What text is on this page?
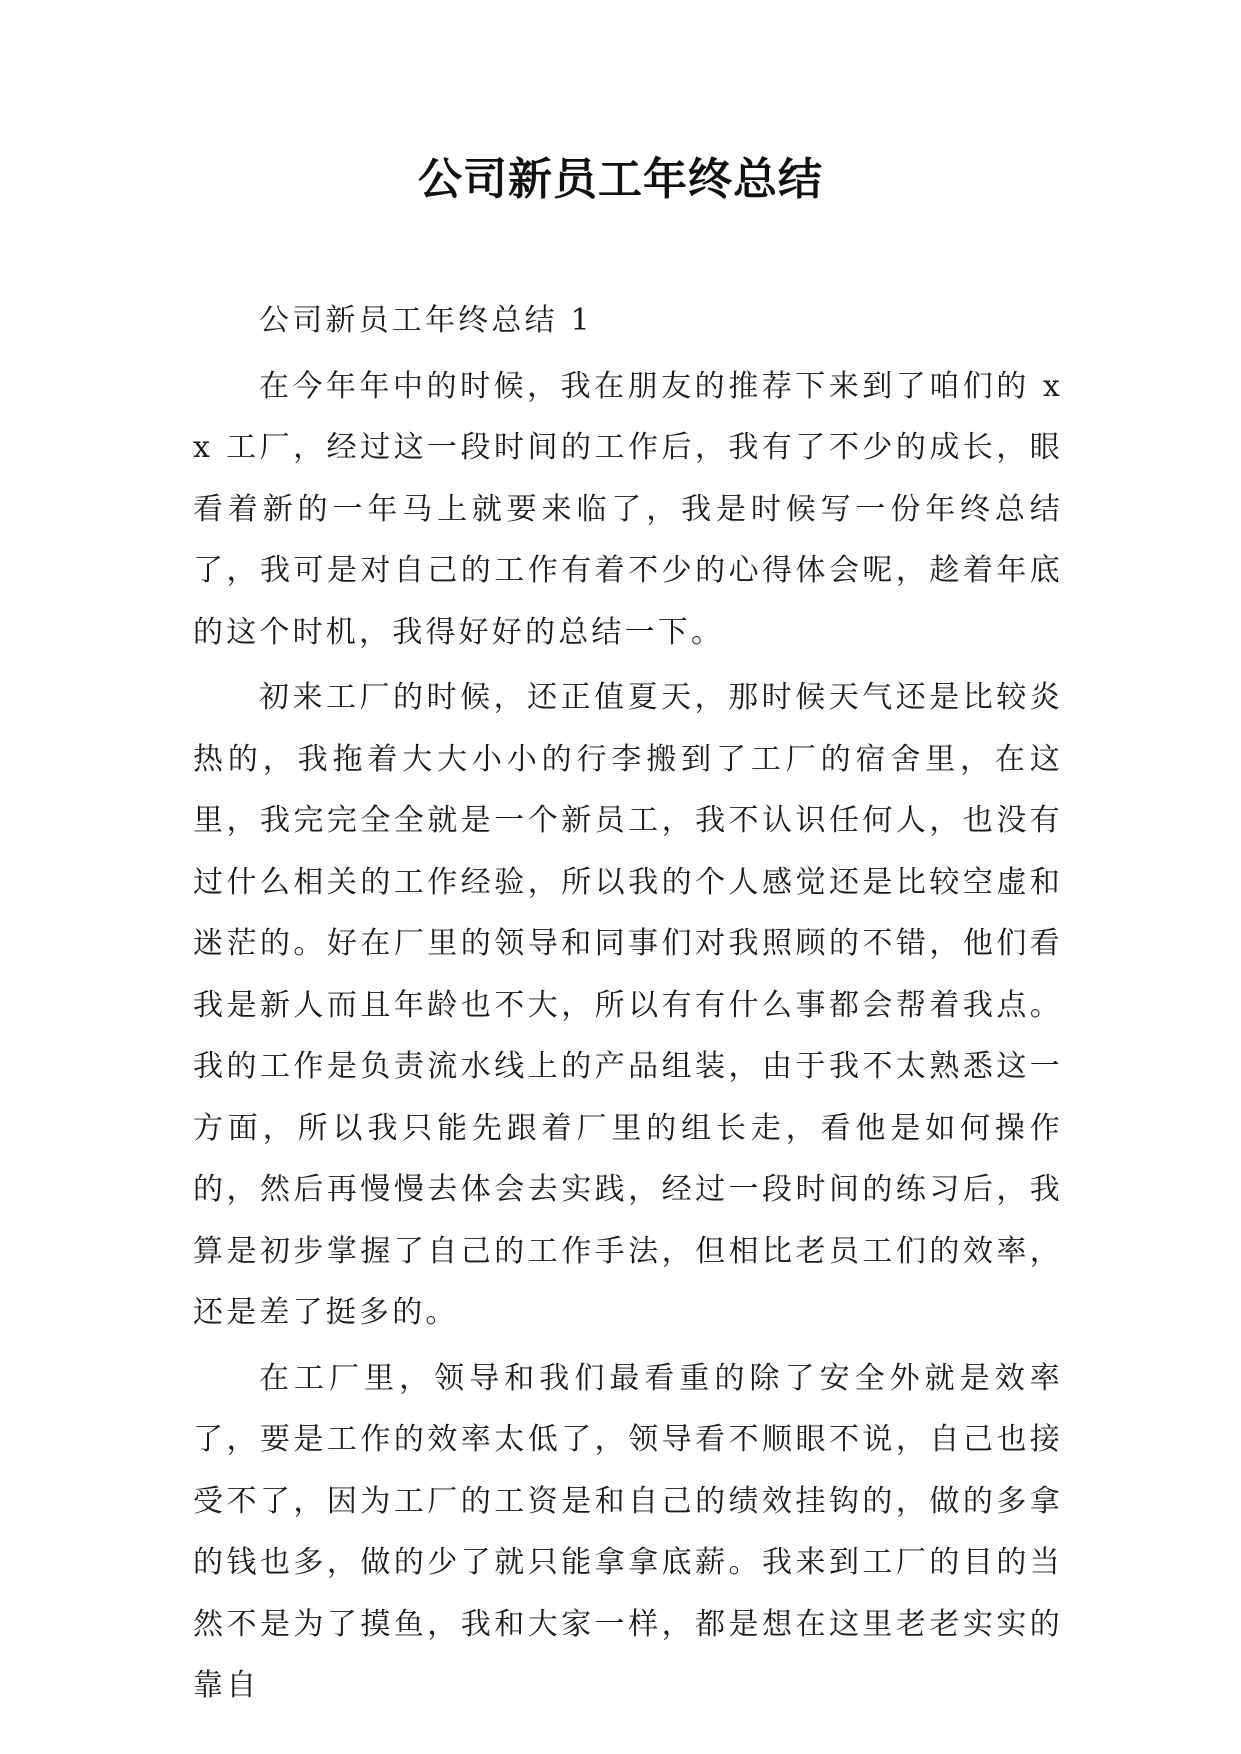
公司新员工年终总结

公司新员工年终总结 1

在今年年中的时候，我在朋友的推荐下来到了咱们的 xx 工厂，经过这一段时间的工作后，我有了不少的成长，眼看着新的一年马上就要来临了，我是时候写一份年终总结了，我可是对自己的工作有着不少的心得体会呢，趁着年底的这个时机，我得好好的总结一下。

初来工厂的时候，还正值夏天，那时候天气还是比较炎热的，我拖着大大小小的行李搬到了工厂的宿舍里，在这里，我完完全全就是一个新员工，我不认识任何人，也没有过什么相关的工作经验，所以我的个人感觉还是比较空虚和迷茫的。好在厂里的领导和同事们对我照顾的不错，他们看我是新人而且年龄也不大，所以有有什么事都会帮着我点。我的工作是负责流水线上的产品组装，由于我不太熟悉这一方面，所以我只能先跟着厂里的组长走，看他是如何操作的，然后再慢慢去体会去实践，经过一段时间的练习后，我算是初步掌握了自己的工作手法，但相比老员工们的效率，还是差了挺多的。

在工厂里，领导和我们最看重的除了安全外就是效率了，要是工作的效率太低了，领导看不顺眼不说，自己也接受不了，因为工厂的工资是和自己的绩效挂钩的，做的多拿的钱也多，做的少了就只能拿拿底薪。我来到工厂的目的当然不是为了摸鱼，我和大家一样，都是想在这里老老实实的靠自
